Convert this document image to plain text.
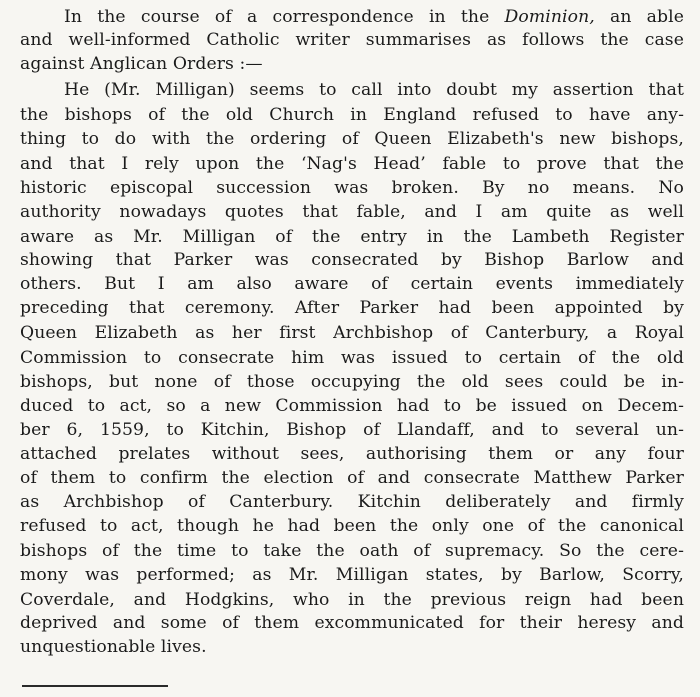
In the course of a correspondence in the Dominion, an able
and well-informed Catholic writer summarises as follows the case
against Anglican Orders :—
He (Mr. Milligan) seems to call into doubt my assertion that
the bishops of the old Church in England refused to have any-
thing to do with the ordering of Queen Elizabeth's new bishops,
and that I rely upon the ‘Nag's Head’ fable to prove that the
historic episcopal succession was broken. By no means. No
authority nowadays quotes that fable, and I am quite as well
aware as Mr. Milligan of the entry in the Lambeth Register
showing that Parker was consecrated by Bishop Barlow and
others. But I am also aware of certain events immediately
preceding that ceremony. After Parker had been appointed by
Queen Elizabeth as her first Archbishop of Canterbury, a Royal
Commission to consecrate him was issued to certain of the old
bishops, but none of those occupying the old sees could be in-
duced to act, so a new Commission had to be issued on Decem-
ber 6, 1559, to Kitchin, Bishop of Llandaff, and to several un-
attached prelates without sees, authorising them or any four
of them to confirm the election of and consecrate Matthew Parker
as Archbishop of Canterbury. Kitchin deliberately and firmly
refused to act, though he had been the only one of the canonical
bishops of the time to take the oath of supremacy. So the cere-
mony was performed; as Mr. Milligan states, by Barlow, Scorry,
Coverdale, and Hodgkins, who in the previous reign had been
deprived and some of them excommunicated for their heresy and
unquestionable lives.
